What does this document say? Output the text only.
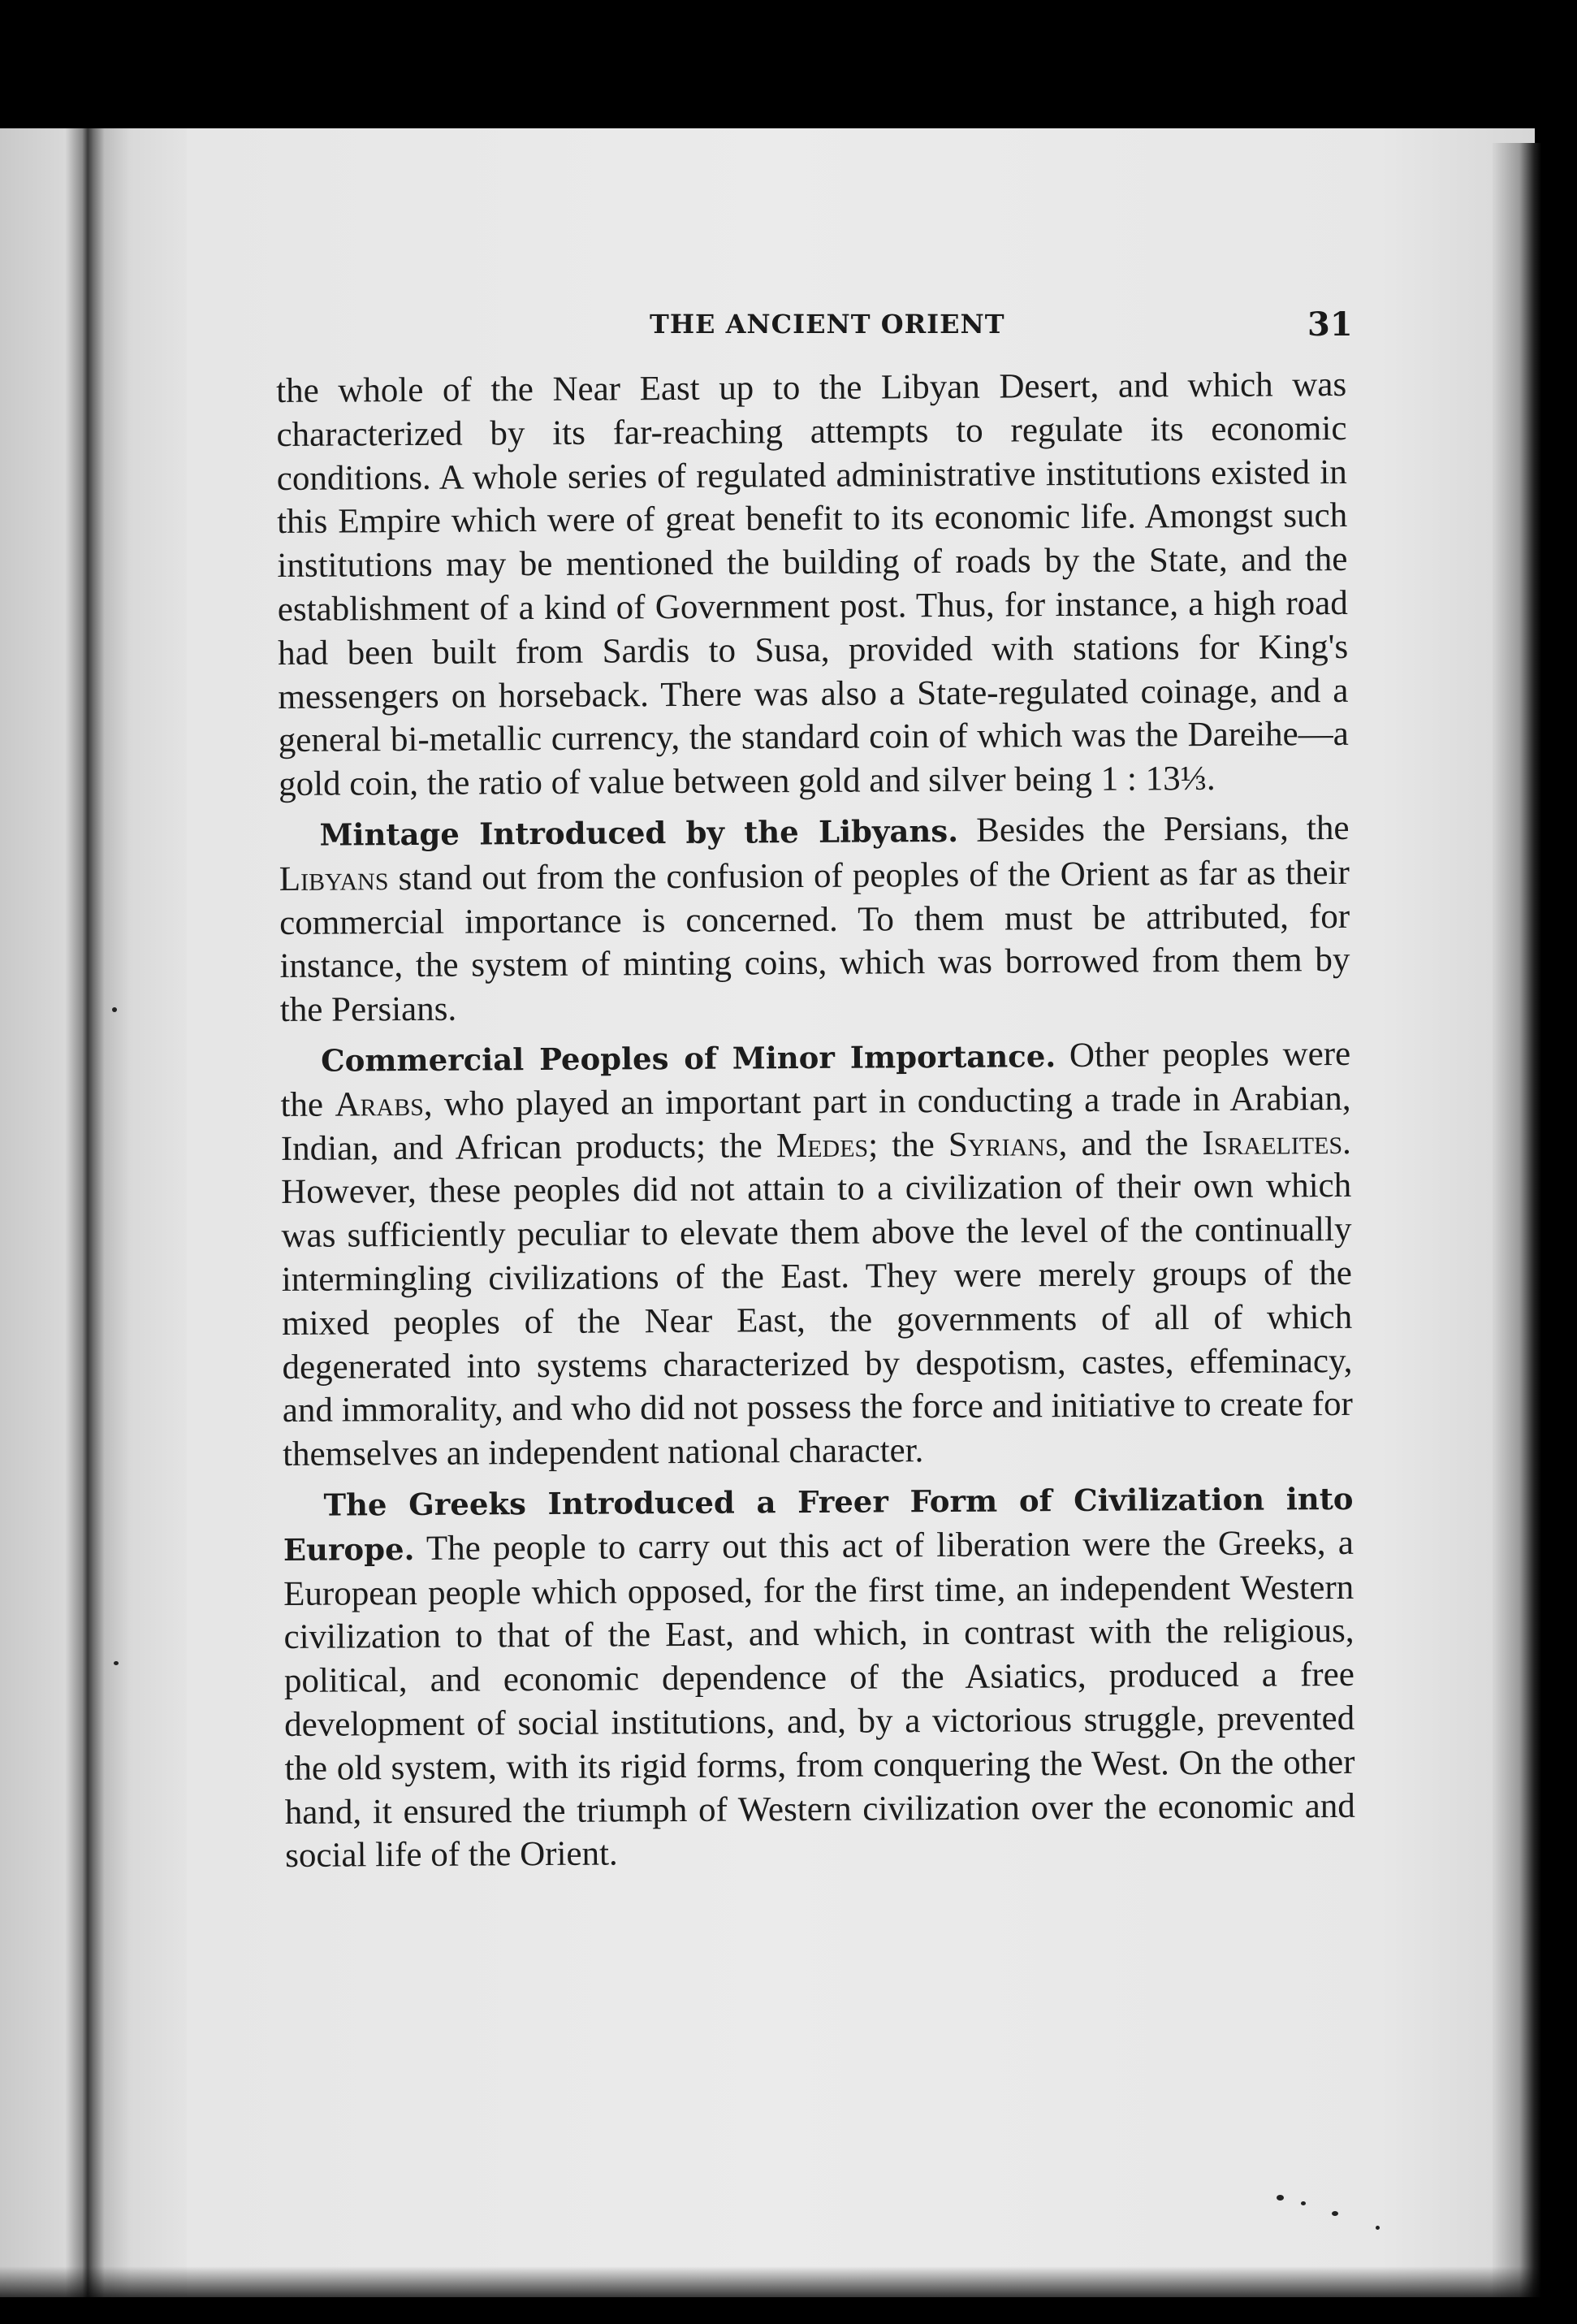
THE ANCIENT ORIENT	31

the whole of the Near East up to the Libyan Desert, and which was characterized by its far-reaching attempts to regulate its economic conditions. A whole series of regulated administrative institutions existed in this Empire which were of great benefit to its economic life. Amongst such institutions may be mentioned the building of roads by the State, and the establishment of a kind of Government post. Thus, for instance, a high road had been built from Sardis to Susa, provided with stations for King's messengers on horseback. There was also a State-regulated coinage, and a general bi-metallic currency, the standard coin of which was the Dareihe—a gold coin, the ratio of value between gold and silver being 1 : 13⅓.

Mintage Introduced by the Libyans. Besides the Persians, the Libyans stand out from the confusion of peoples of the Orient as far as their commercial importance is concerned. To them must be attributed, for instance, the system of minting coins, which was borrowed from them by the Persians.

Commercial Peoples of Minor Importance. Other peoples were the Arabs, who played an important part in conducting a trade in Arabian, Indian, and African products; the Medes; the Syrians, and the Israelites. However, these peoples did not attain to a civilization of their own which was sufficiently peculiar to elevate them above the level of the continually intermingling civilizations of the East. They were merely groups of the mixed peoples of the Near East, the governments of all of which degenerated into systems characterized by despotism, castes, effeminacy, and immorality, and who did not possess the force and initiative to create for themselves an independent national character.

The Greeks Introduced a Freer Form of Civilization into Europe. The people to carry out this act of liberation were the Greeks, a European people which opposed, for the first time, an independent Western civilization to that of the East, and which, in contrast with the religious, political, and economic dependence of the Asiatics, produced a free development of social institutions, and, by a victorious struggle, prevented the old system, with its rigid forms, from conquering the West. On the other hand, it ensured the triumph of Western civilization over the economic and social life of the Orient.
